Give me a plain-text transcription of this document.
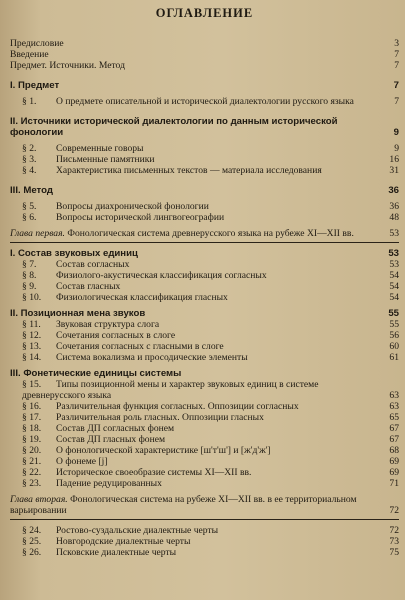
ОГЛАВЛЕНИЕ
Предисловие	3
Введение	7
Предмет. Источники. Метод	7
I. Предмет	7
§ 1. О предмете описательной и исторической диалектологии русского языка	7
II. Источники исторической диалектологии по данным исторической фонологии	9
§ 2. Современные говоры	9
§ 3. Письменные памятники	16
§ 4. Характеристика письменных текстов — материала исследования	31
III. Метод	36
§ 5. Вопросы диахронической фонологии	36
§ 6. Вопросы исторической лингвогеографии	48
Глава первая. Фонологическая система древнерусского языка на рубеже XI—XII вв.	53
I. Состав звуковых единиц	53
§ 7. Состав согласных	53
§ 8. Физиолого-акустическая классификация согласных	54
§ 9. Состав гласных	54
§ 10. Физиологическая классификация гласных	54
II. Позиционная мена звуков	55
§ 11. Звуковая структура слога	55
§ 12. Сочетания согласных в слоге	56
§ 13. Сочетания согласных с гласными в слоге	60
§ 14. Система вокализма и просодические элементы	61
III. Фонетические единицы системы
§ 15. Типы позиционной мены и характер звуковых единиц в системе древнерусского языка	63
§ 16. Различительная функция согласных. Оппозиции согласных	63
§ 17. Различительная роль гласных. Оппозиции гласных	65
§ 18. Состав ДП согласных фонем	67
§ 19. Состав ДП гласных фонем	67
§ 20. О фонологической характеристике [ш'т'ш'] и [ж'д'ж']	68
§ 21. О фонеме [j]	69
§ 22. Историческое своеобразие системы XI—XII вв.	69
§ 23. Падение редуцированных	71
Глава вторая. Фонологическая система на рубеже XI—XII вв. в ее территориальном варьировании	72
§ 24. Ростово-суздальские диалектные черты	72
§ 25. Новгородские диалектные черты	73
§ 26. Псковские диалектные черты	75
